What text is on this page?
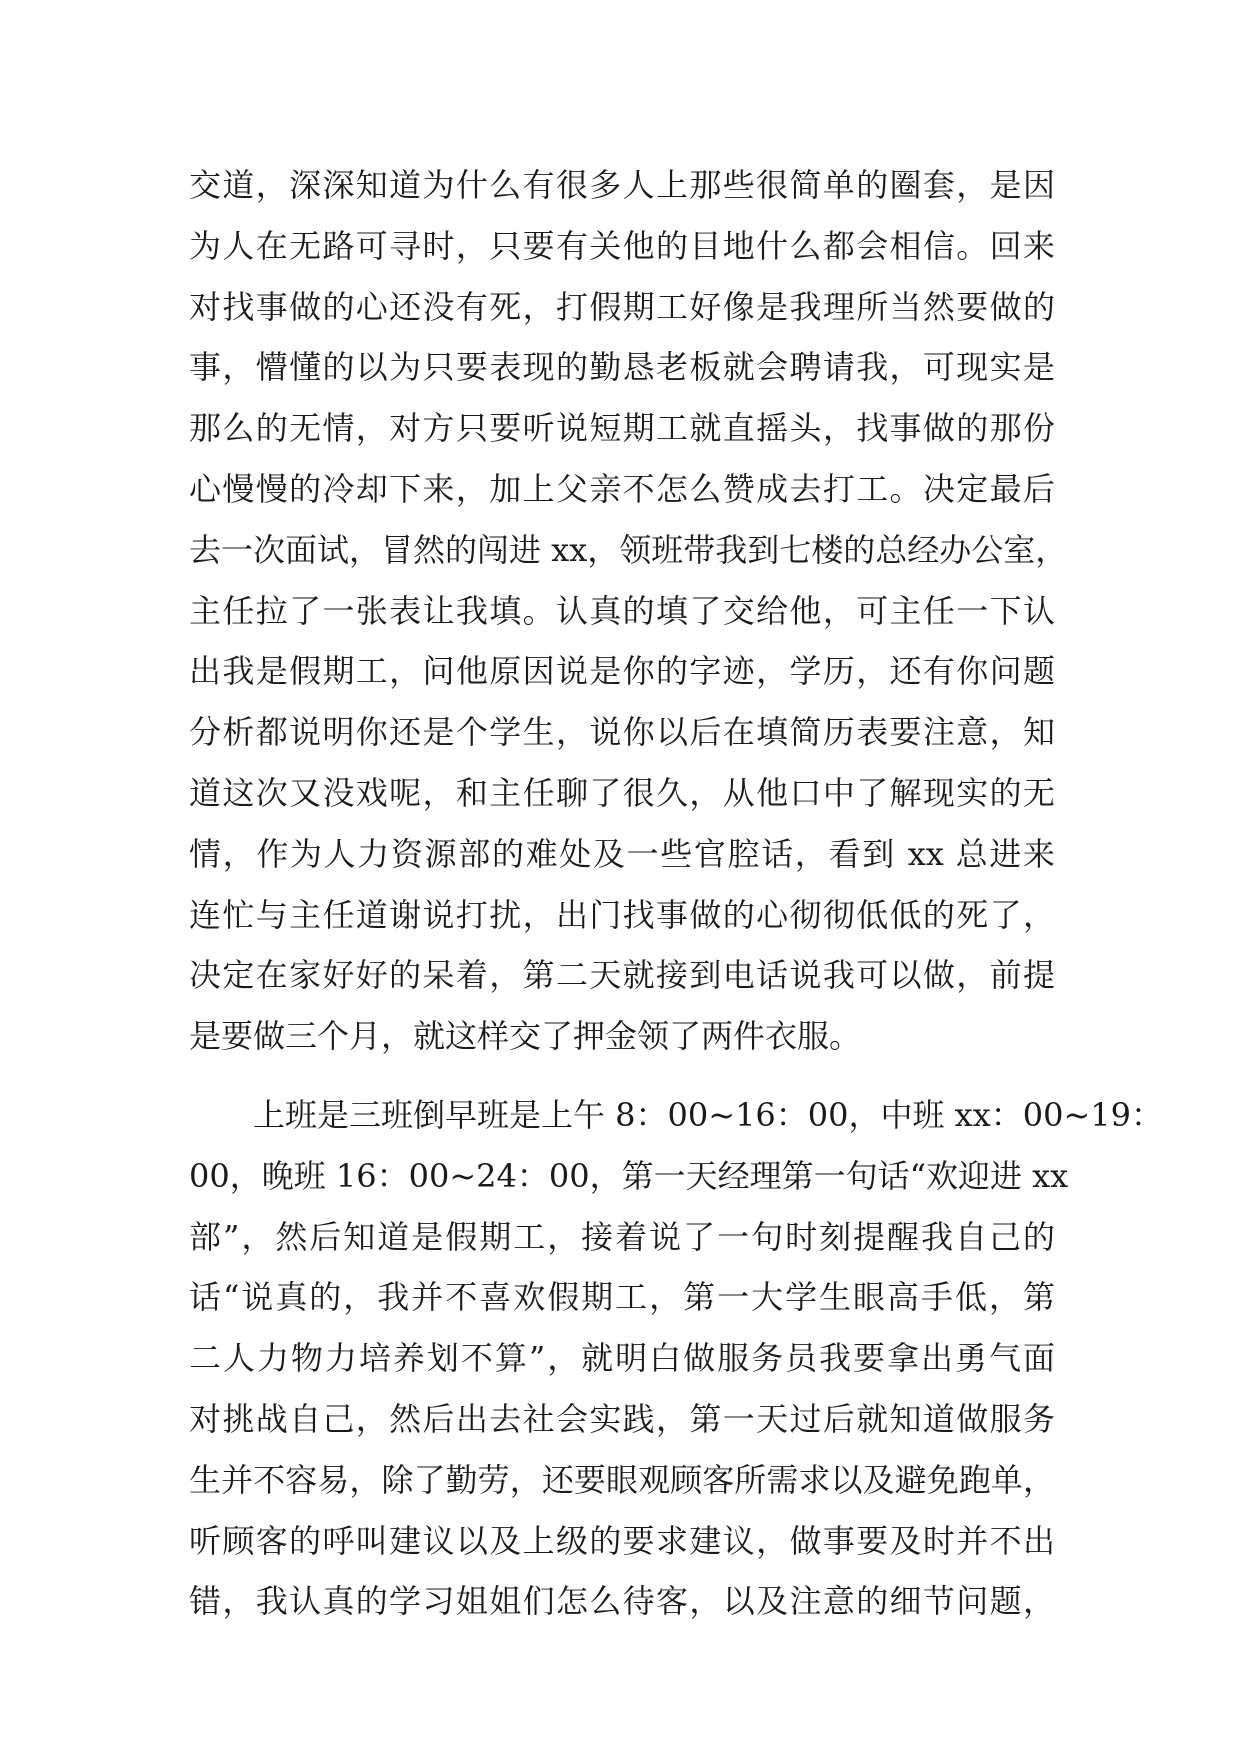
交道，深深知道为什么有很多人上那些很简单的圈套，是因
为人在无路可寻时，只要有关他的目地什么都会相信。回来
对找事做的心还没有死，打假期工好像是我理所当然要做的
事，懵懂的以为只要表现的勤恳老板就会聘请我，可现实是
那么的无情，对方只要听说短期工就直摇头，找事做的那份
心慢慢的冷却下来，加上父亲不怎么赞成去打工。决定最后
去一次面试，冒然的闯进 xx，领班带我到七楼的总经办公室，
主任拉了一张表让我填。认真的填了交给他，可主任一下认
出我是假期工，问他原因说是你的字迹，学历，还有你问题
分析都说明你还是个学生，说你以后在填简历表要注意，知
道这次又没戏呢，和主任聊了很久，从他口中了解现实的无
情，作为人力资源部的难处及一些官腔话，看到 xx 总进来
连忙与主任道谢说打扰，出门找事做的心彻彻低低的死了，
决定在家好好的呆着，第二天就接到电话说我可以做，前提
是要做三个月，就这样交了押金领了两件衣服。
上班是三班倒早班是上午 8：00~16：00，中班 xx：00~19：
00，晚班 16：00~24：00，第一天经理第一句话“欢迎进 xx
部”，然后知道是假期工，接着说了一句时刻提醒我自己的
话“说真的，我并不喜欢假期工，第一大学生眼高手低，第
二人力物力培养划不算”，就明白做服务员我要拿出勇气面
对挑战自己，然后出去社会实践，第一天过后就知道做服务
生并不容易，除了勤劳，还要眼观顾客所需求以及避免跑单，
听顾客的呼叫建议以及上级的要求建议，做事要及时并不出
错，我认真的学习姐姐们怎么待客，以及注意的细节问题，
